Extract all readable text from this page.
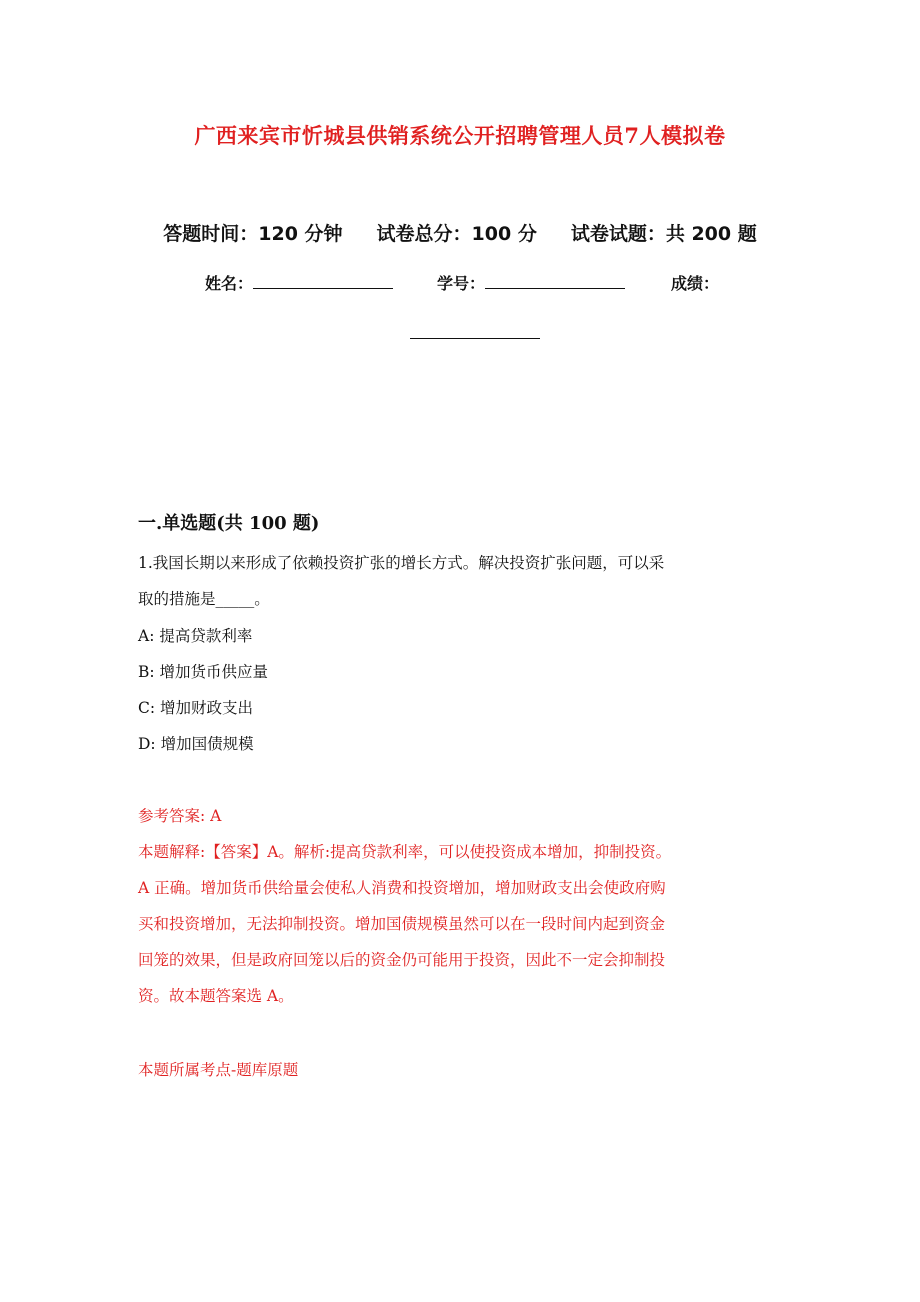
广西来宾市忻城县供销系统公开招聘管理人员7人模拟卷
答题时间：120 分钟 试卷总分：100 分 试卷试题：共 200 题
姓名：	学号：	成绩：
一.单选题(共 100 题)
1.我国长期以来形成了依赖投资扩张的增长方式。解决投资扩张问题，可以采
取的措施是_____。
A: 提高贷款利率
B: 增加货币供应量
C: 增加财政支出
D: 增加国债规模
参考答案: A
本题解释:【答案】A。解析:提高贷款利率，可以使投资成本增加，抑制投资。
A 正确。增加货币供给量会使私人消费和投资增加，增加财政支出会使政府购
买和投资增加，无法抑制投资。增加国债规模虽然可以在一段时间内起到资金
回笼的效果，但是政府回笼以后的资金仍可能用于投资，因此不一定会抑制投
资。故本题答案选 A。
本题所属考点-题库原题
